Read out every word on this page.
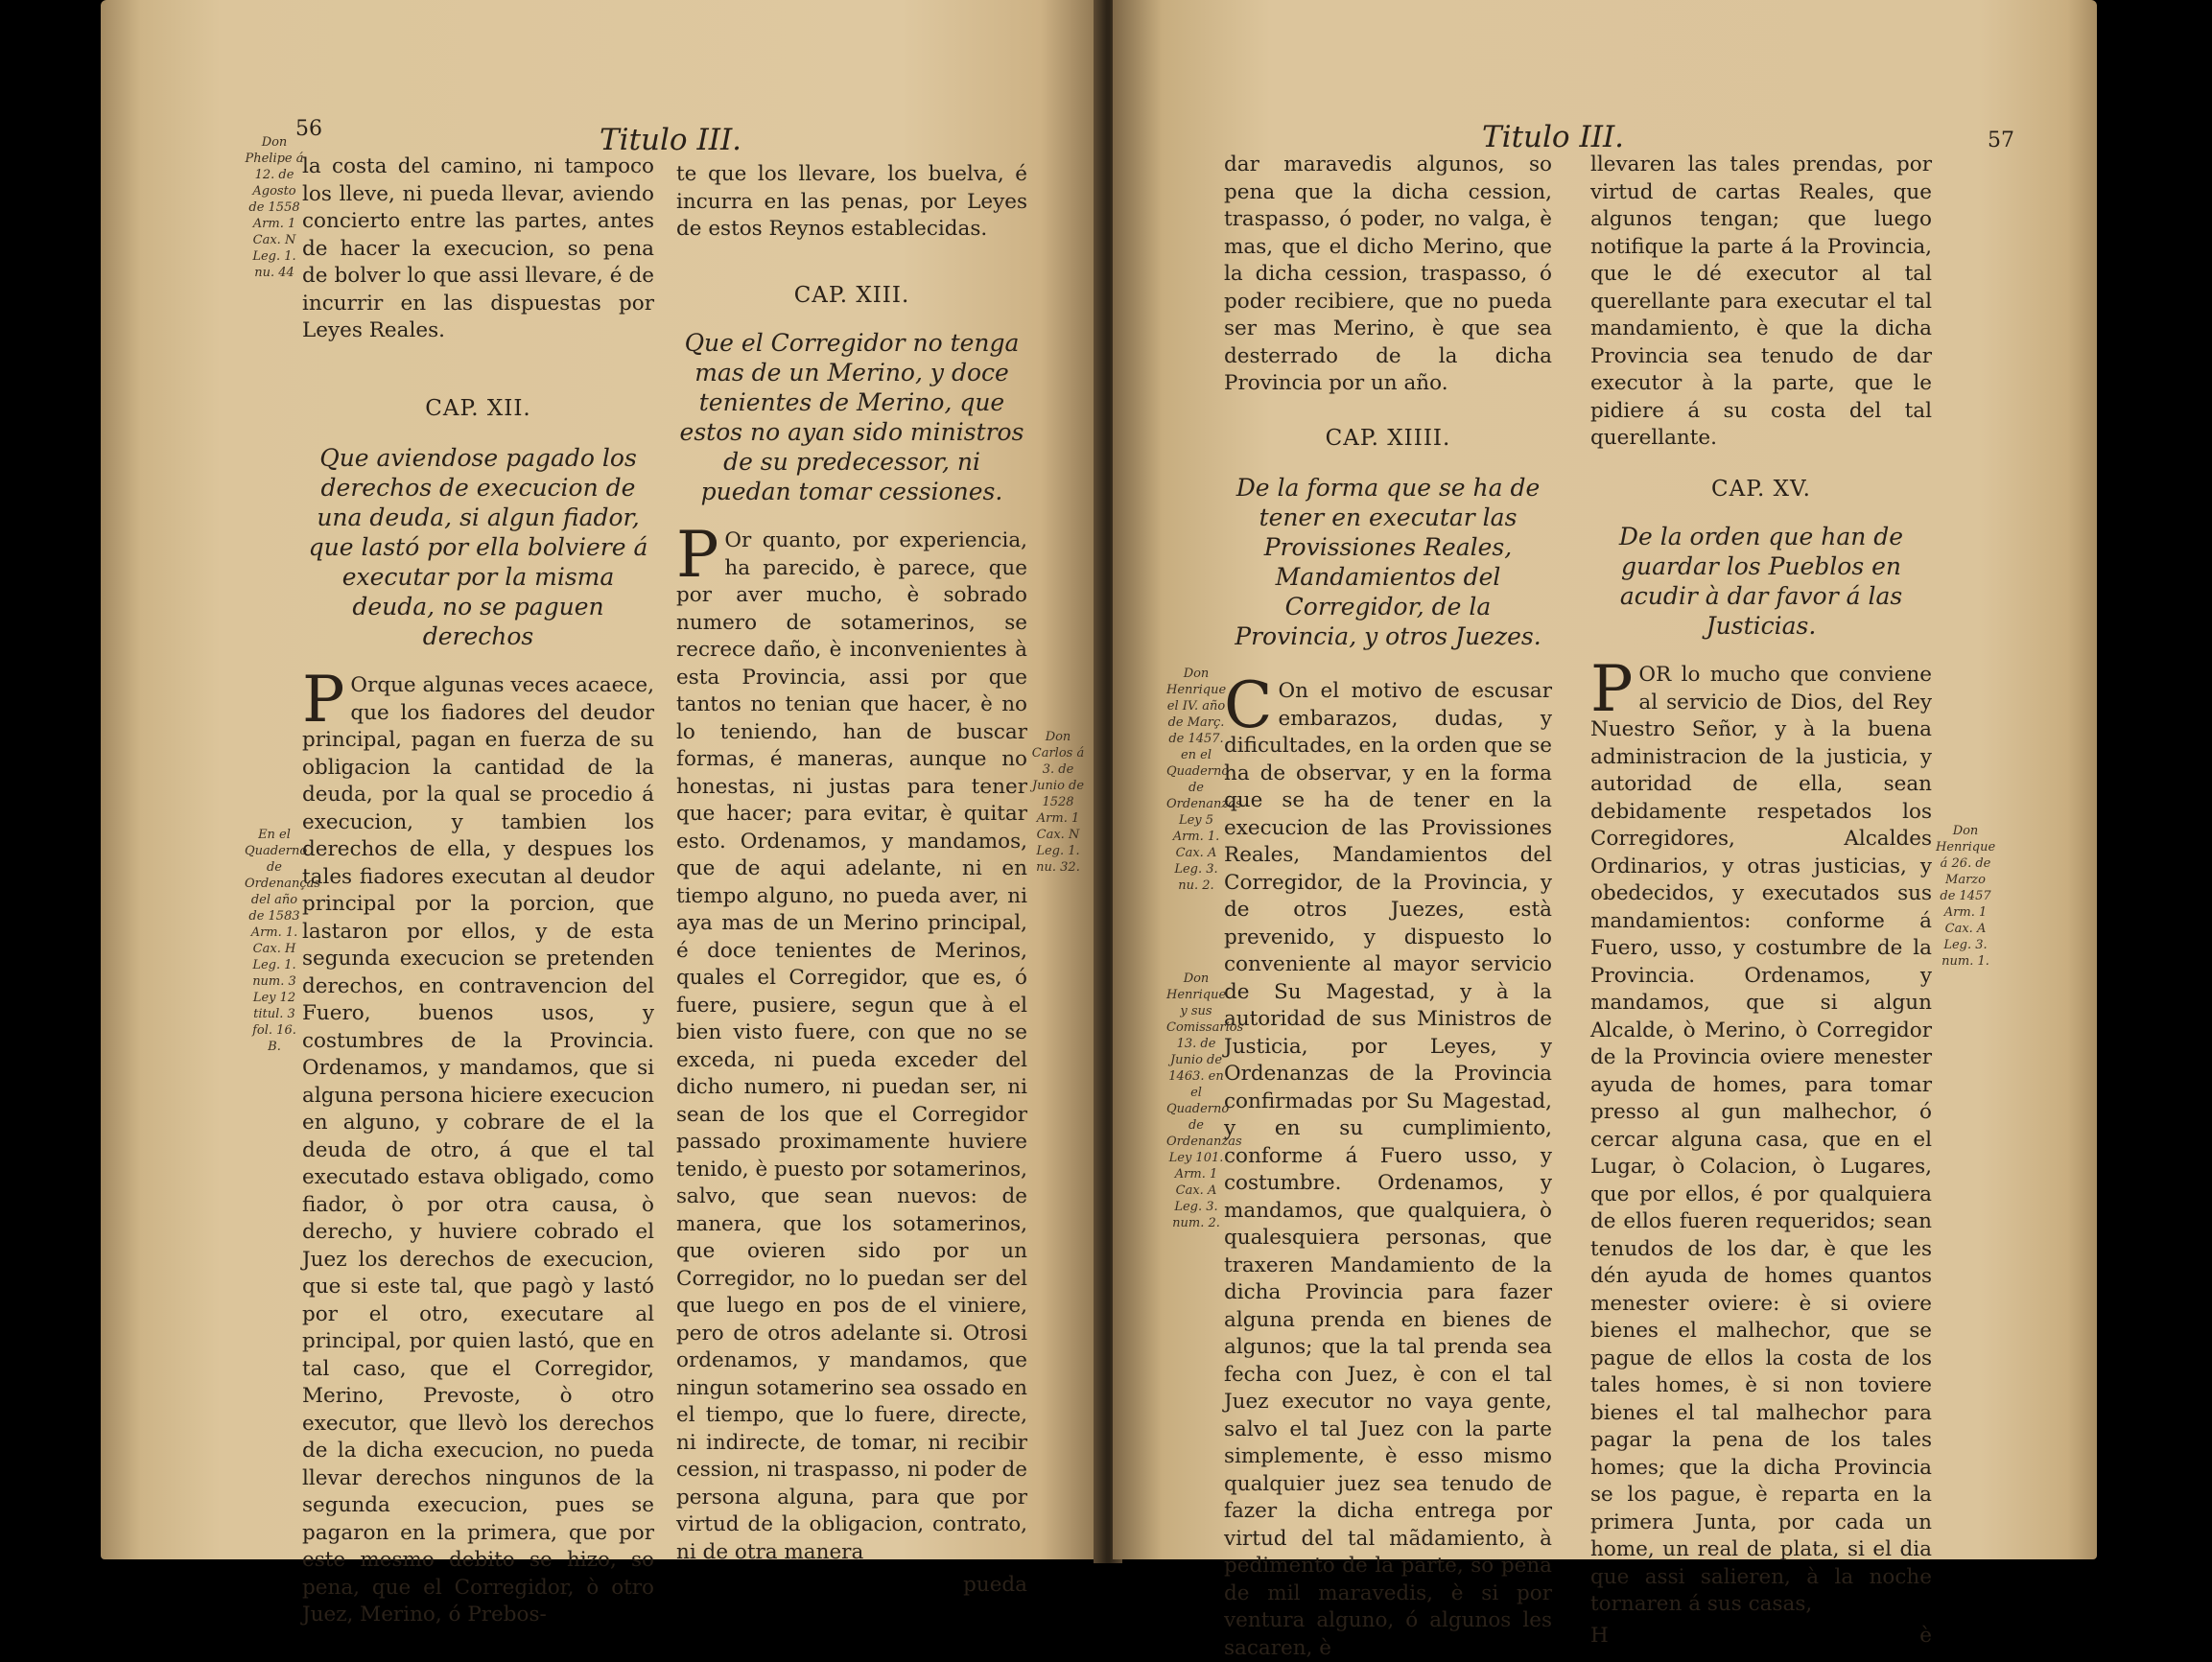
56	Titulo III.
Don Phelipe á 12. de Agosto de 1558 Arm. 1 Cax. N Leg. 1. nu. 44
En el Quaderno de Ordenanças del año de 1583 Arm. 1. Cax. H Leg. 1. num. 3 Ley 12 titul. 3 fol. 16. B.

la costa del camino, ni tampoco los lleve, ni pueda llevar, aviendo concierto entre las partes, antes de hacer la execucion, so pena de bolver lo que assi llevare, é de incurrir en las dispuestas por Leyes Reales.

CAP. XII.

Que aviendose pagado los derechos de execucion de una deuda, si algun fiador, que lastó por ella bolviere á executar por la misma deuda, no se paguen derechos

P Orque algunas veces acaece, que los fiadores del deudor principal, pagan en fuerza de su obligacion la cantidad de la deuda, por la qual se procedio á execucion, y tambien los derechos de ella, y despues los tales fiadores executan al deudor principal por la porcion, que lastaron por ellos, y de esta segunda execucion se pretenden derechos, en contravencion del Fuero, buenos usos, y costumbres de la Provincia. Ordenamos, y mandamos, que si alguna persona hiciere execucion en alguno, y cobrare de el la deuda de otro, á que el tal executado estava obligado, como fiador, ò por otra causa, ò derecho, y huviere cobrado el Juez los derechos de execucion, que si este tal, que pagò y lastó por el otro, executare al principal, por quien lastó, que en tal caso, que el Corregidor, Merino, Prevoste, ò otro executor, que llevò los derechos de la dicha execucion, no pueda llevar derechos ningunos de la segunda execucion, pues se pagaron en la primera, que por este mesmo debito se hizo, so pena, que el Corregidor, ò otro Juez, Merino, ó Prebos-

te que los llevare, los buelva, é incurra en las penas, por Leyes de estos Reynos establecidas.

CAP. XIII.

Que el Corregidor no tenga mas de un Merino, y doce tenientes de Merino, que estos no ayan sido ministros de su predecessor, ni puedan tomar cessiones.

P Or quanto, por experiencia, ha parecido, è parece, que por aver mucho, è sobrado numero de sotamerinos, se recrece daño, è inconvenientes à esta Provincia, assi por que tantos no tenian que hacer, è no lo teniendo, han de buscar formas, é maneras, aunque no honestas, ni justas para tener que hacer; para evitar, è quitar esto. Ordenamos, y mandamos, que de aqui adelante, ni en tiempo alguno, no pueda aver, ni aya mas de un Merino principal, é doce tenientes de Merinos, quales el Corregidor, que es, ó fuere, pusiere, segun que à el bien visto fuere, con que no se exceda, ni pueda exceder del dicho numero, ni puedan ser, ni sean de los que el Corregidor passado proximamente huviere tenido, è puesto por sotamerinos, salvo, que sean nuevos: de manera, que los sotamerinos, que ovieren sido por un Corregidor, no lo puedan ser del que luego en pos de el viniere, pero de otros adelante si. Otrosi ordenamos, y mandamos, que ningun sotamerino sea ossado en el tiempo, que lo fuere, directe, ni indirecte, de tomar, ni recibir cession, ni traspasso, ni poder de persona alguna, para que por virtud de la obligacion, contrato, ni de otra manera

pueda

Don Carlos á 3. de Junio de 1528 Arm. 1 Cax. N Leg. 1. nu. 32.
Titulo III.	57
Don Henrique el IV. año de Març. de 1457. en el Quaderno de Ordenanzas Ley 5 Arm. 1. Cax. A Leg. 3. nu. 2.
Don Henrique y sus Comissarios 13. de Junio de 1463. en el Quaderno de Ordenanzas Ley 101. Arm. 1 Cax. A Leg. 3. num. 2.

dar maravedis algunos, so pena que la dicha cession, traspasso, ó poder, no valga, è mas, que el dicho Merino, que la dicha cession, traspasso, ó poder recibiere, que no pueda ser mas Merino, è que sea desterrado de la dicha Provincia por un año.

CAP. XIIII.

De la forma que se ha de tener en executar las Provissiones Reales, Mandamientos del Corregidor, de la Provincia, y otros Juezes.

C On el motivo de escusar embarazos, dudas, y dificultades, en la orden que se ha de observar, y en la forma que se ha de tener en la execucion de las Provissiones Reales, Mandamientos del Corregidor, de la Provincia, y de otros Juezes, està prevenido, y dispuesto lo conveniente al mayor servicio de Su Magestad, y à la autoridad de sus Ministros de Justicia, por Leyes, y Ordenanzas de la Provincia confirmadas por Su Magestad, y en su cumplimiento, conforme á Fuero usso, y costumbre. Ordenamos, y mandamos, que qualquiera, ò qualesquiera personas, que traxeren Mandamiento de la dicha Provincia para fazer alguna prenda en bienes de algunos; que la tal prenda sea fecha con Juez, è con el tal Juez executor no vaya gente, salvo el tal Juez con la parte simplemente, è esso mismo qualquier juez sea tenudo de fazer la dicha entrega por virtud del tal mãdamiento, à pedimento de la parte, so pena de mil maravedis, è si por ventura alguno, ó algunos les sacaren, è

llevaren las tales prendas, por virtud de cartas Reales, que algunos tengan; que luego notifique la parte á la Provincia, que le dé executor al tal querellante para executar el tal mandamiento, è que la dicha Provincia sea tenudo de dar executor à la parte, que le pidiere á su costa del tal querellante.

CAP. XV.

De la orden que han de guardar los Pueblos en acudir à dar favor á las Justicias.

POR lo mucho que conviene al servicio de Dios, del Rey Nuestro Señor, y à la buena administracion de la justicia, y autoridad de ella, sean debidamente respetados los Corregidores, Alcaldes Ordinarios, y otras justicias, y obedecidos, y executados sus mandamientos: conforme á Fuero, usso, y costumbre de la Provincia. Ordenamos, y mandamos, que si algun Alcalde, ò Merino, ò Corregidor de la Provincia oviere menester ayuda de homes, para tomar presso al gun malhechor, ó cercar alguna casa, que en el Lugar, ò Colacion, ò Lugares, que por ellos, é por qualquiera de ellos fueren requeridos; sean tenudos de los dar, è que les dén ayuda de homes quantos menester oviere: è si oviere bienes el malhechor, que se pague de ellos la costa de los tales homes, è si non toviere bienes el tal malhechor para pagar la pena de los tales homes; que la dicha Provincia se los pague, è reparta en la primera Junta, por cada un home, un real de plata, si el dia que assi salieren, à la noche tornaren á sus casas,

H	è

Don Henrique á 26. de Marzo de 1457 Arm. 1 Cax. A Leg. 3. num. 1.
